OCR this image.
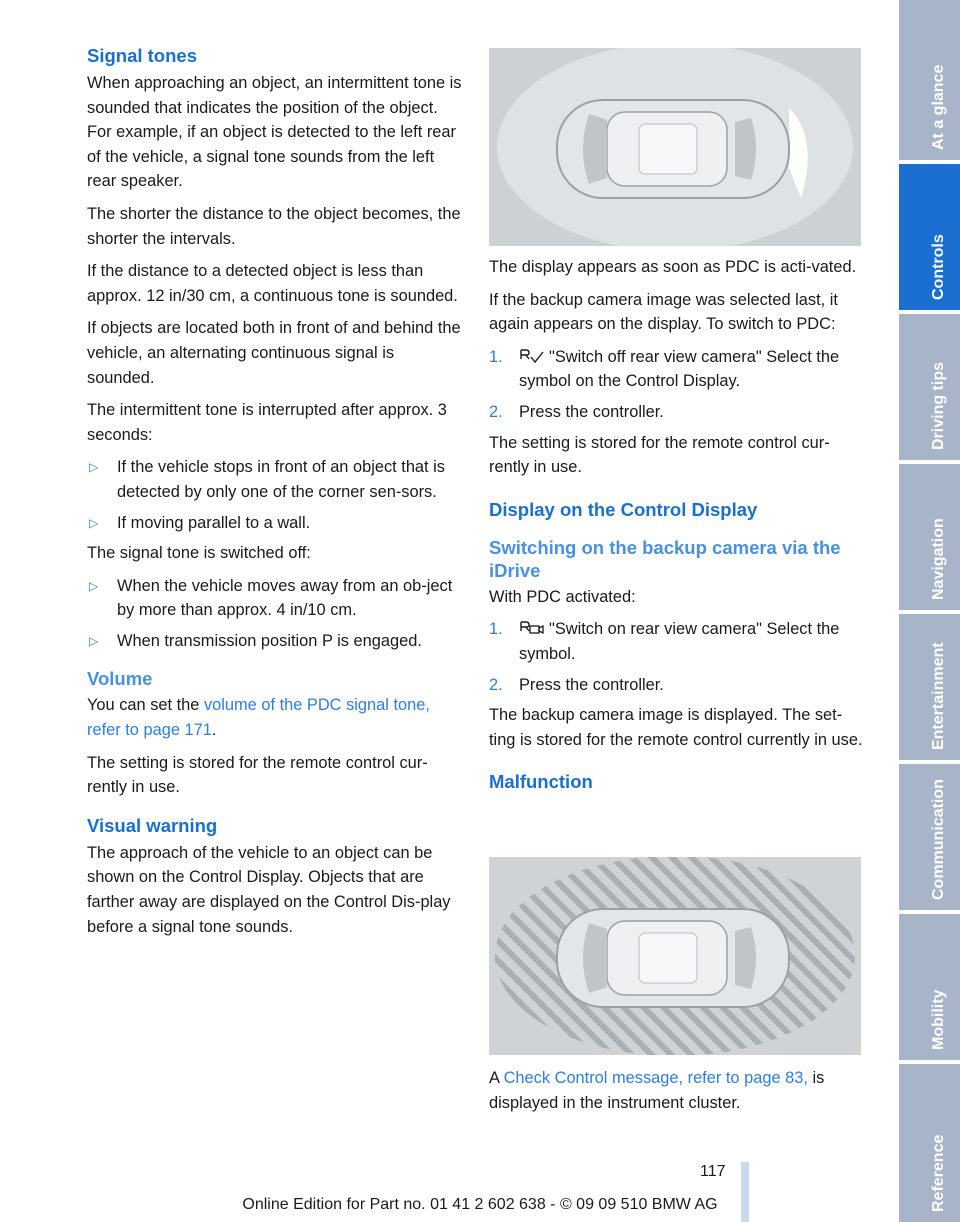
Signal tones

When approaching an object, an intermittent tone is sounded that indicates the position of the object. For example, if an object is detected to the left rear of the vehicle, a signal tone sounds from the left rear speaker.

The shorter the distance to the object becomes, the shorter the intervals.

If the distance to a detected object is less than approx. 12 in/30 cm, a continuous tone is sounded.

If objects are located both in front of and behind the vehicle, an alternating continuous signal is sounded.

The intermittent tone is interrupted after approx. 3 seconds:

▷ If the vehicle stops in front of an object that is detected by only one of the corner sen-sors.
▷ If moving parallel to a wall.

The signal tone is switched off:

▷ When the vehicle moves away from an ob-ject by more than approx. 4 in/10 cm.
▷ When transmission position P is engaged.
Volume

You can set the volume of the PDC signal tone, refer to page 171.

The setting is stored for the remote control cur-rently in use.

Visual warning

The approach of the vehicle to an object can be shown on the Control Display. Objects that are farther away are displayed on the Control Dis-play before a signal tone sounds.

The display appears as soon as PDC is acti-vated.

If the backup camera image was selected last, it again appears on the display. To switch to PDC:

1.	"Switch off rear view camera" Select the symbol on the Control Display.
2. Press the controller.

The setting is stored for the remote control cur-rently in use.

Display on the Control Display
Switching on the backup camera via the iDrive

With PDC activated:

1.	"Switch on rear view camera" Select the symbol.
2. Press the controller.

The backup camera image is displayed. The set-ting is stored for the remote control currently in use.

Malfunction

A Check Control message, refer to page 83, is displayed in the instrument cluster.

At a glance
Controls
Driving tips
Navigation
Entertainment
Communication
Mobility
Reference
117
Online Edition for Part no. 01 41 2 602 638 - © 09 09 510 BMW AG
